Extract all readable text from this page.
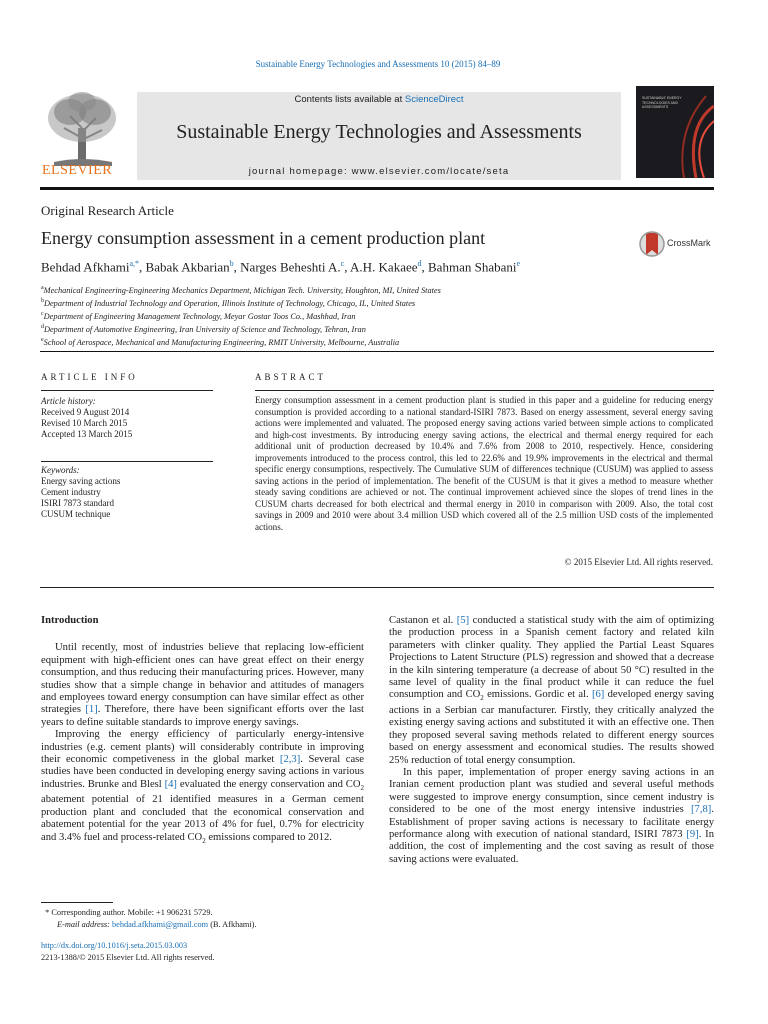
Sustainable Energy Technologies and Assessments 10 (2015) 84–89
ELSEVIER
Contents lists available at ScienceDirect
Sustainable Energy Technologies and Assessments
journal homepage: www.elsevier.com/locate/seta
SUSTAINABLE ENERGY TECHNOLOGIES AND ASSESSMENTS
Original Research Article
Energy consumption assessment in a cement production plant	CrossMark
Behdad Afkhami$^{a,*}$, Babak Akbarian$^b$, Narges Beheshti A.$^c$, A.H. Kakaee$^d$, Bahman Shabani$^e$
$^a$Mechanical Engineering-Engineering Mechanics Department, Michigan Tech. University, Houghton, MI, United States
$^b$Department of Industrial Technology and Operation, Illinois Institute of Technology, Chicago, IL, United States
$^c$Department of Engineering Management Technology, Meyar Gostar Toos Co., Mashhad, Iran
$^d$Department of Automotive Engineering, Iran University of Science and Technology, Tehran, Iran
$^e$School of Aerospace, Mechanical and Manufacturing Engineering, RMIT University, Melbourne, Australia
ARTICLE INFO
Article history:
Received 9 August 2014
Revised 10 March 2015
Accepted 13 March 2015
Keywords:
Energy saving actions
Cement industry
ISIRI 7873 standard
CUSUM technique
ABSTRACT
Energy consumption assessment in a cement production plant is studied in this paper and a guideline for reducing energy consumption is provided according to a national standard-ISIRI 7873. Based on energy assessment, several energy saving actions were implemented and valuated. The proposed energy saving actions varied between simple actions to complicated and high-cost investments. By introducing energy saving actions, the electrical and thermal energy required for each additional unit of production decreased by 10.4% and 7.6% from 2008 to 2010, respectively. Hence, considering improvements introduced to the process control, this led to 22.6% and 19.9% improvements in the electrical and thermal specific energy consumptions, respectively. The Cumulative SUM of differences technique (CUSUM) was applied to assess saving actions in the period of implementation. The benefit of the CUSUM is that it gives a method to measure whether steady saving conditions are achieved or not. The continual improvement achieved since the slopes of trend lines in the CUSUM charts decreased for both electrical and thermal energy in 2010 in comparison with 2009. Also, the total cost savings in 2009 and 2010 were about 3.4 million USD which covered all of the 2.5 million USD costs of the implemented actions.
© 2015 Elsevier Ltd. All rights reserved.
Introduction

Until recently, most of industries believe that replacing low-efficient equipment with high-efficient ones can have great effect on their energy consumption, and thus reducing their manufacturing prices. However, many studies show that a simple change in behavior and attitudes of managers and employees toward energy consumption can have similar effect as other strategies [1]. Therefore, there have been significant efforts over the last years to define suitable standards to improve energy savings.

Improving the energy efficiency of particularly energy-intensive industries (e.g. cement plants) will considerably contribute in improving their economic competiveness in the global market [2,3]. Several case studies have been conducted in developing energy saving actions in various industries. Brunke and Blesl [4] evaluated the energy conservation and $CO_2$ abatement potential of 21 identified measures in a German cement production plant and concluded that the economical conservation and abatement potential for the year 2013 of 4% for fuel, 0.7% for electricity and 3.4% fuel and process-related $CO_2$ emissions compared to 2012.

Castanon et al. [5] conducted a statistical study with the aim of optimizing the production process in a Spanish cement factory and related kiln parameters with clinker quality. They applied the Partial Least Squares Projections to Latent Structure (PLS) regression and showed that a decrease in the kiln sintering temperature (a decrease of about 50 °C) resulted in the same level of quality in the final product while it can reduce the fuel consumption and $CO_2$ emissions. Gordic et al. [6] developed energy saving actions in a Serbian car manufacturer. Firstly, they critically analyzed the existing energy saving actions and substituted it with an effective one. Then they proposed several saving methods related to different energy sources based on energy assessment and economical studies. The results showed 25% reduction of total energy consumption.

In this paper, implementation of proper energy saving actions in an Iranian cement production plant was studied and several useful methods were suggested to improve energy consumption, since cement industry is considered to be one of the most energy intensive industries [7,8]. Establishment of proper saving actions is necessary to facilitate energy performance along with execution of national standard, ISIRI 7873 [9]. In addition, the cost of implementing and the cost saving as result of those saving actions were evaluated.

* Corresponding author. Mobile: +1 906231 5729.
E-mail address: behdad.afkhami@gmail.com (B. Afkhami).
http://dx.doi.org/10.1016/j.seta.2015.03.003
2213-1388/© 2015 Elsevier Ltd. All rights reserved.
